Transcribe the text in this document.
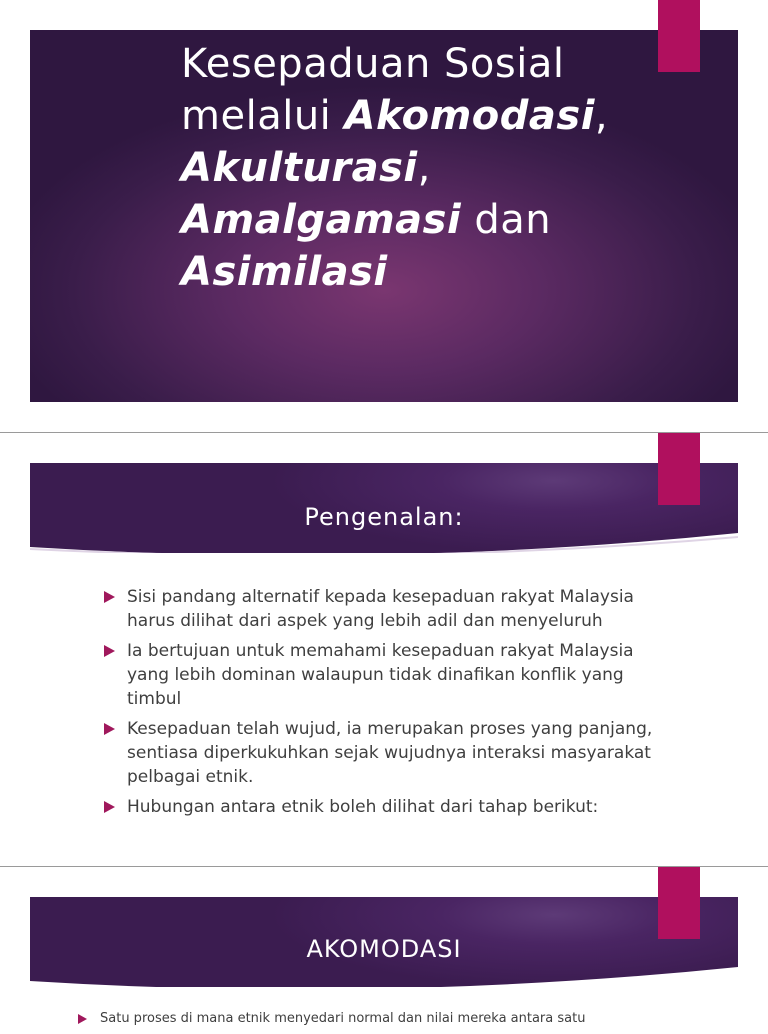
Kesepaduan Sosial
melalui Akomodasi,
Akulturasi,
Amalgamasi dan
Asimilasi
Pengenalan:
Sisi pandang alternatif kepada kesepaduan rakyat Malaysia harus dilihat dari aspek yang lebih adil dan menyeluruh
Ia bertujuan untuk memahami kesepaduan rakyat Malaysia yang lebih dominan walaupun tidak dinafikan konflik yang timbul
Kesepaduan telah wujud, ia merupakan proses yang panjang, sentiasa diperkukuhkan sejak wujudnya interaksi masyarakat pelbagai etnik.
Hubungan antara etnik boleh dilihat dari tahap berikut:
AKOMODASI
Satu proses di mana etnik menyedari normal dan nilai mereka antara satu
